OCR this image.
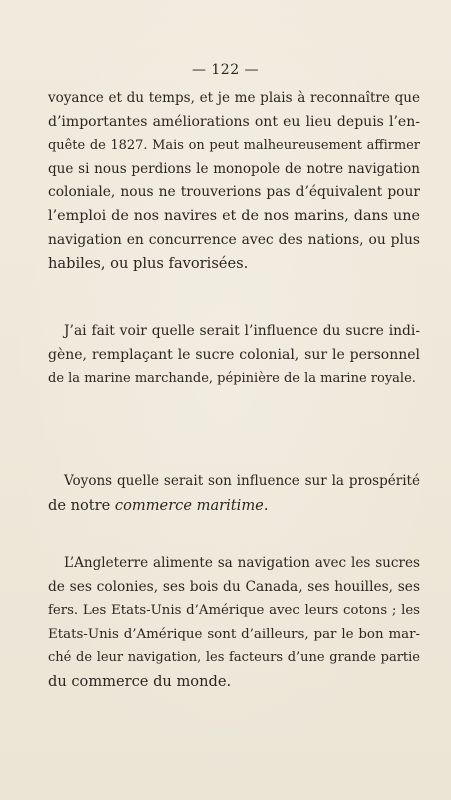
— 122 —
voyance et du temps, et je me plais à reconnaître que
d’importantes améliorations ont eu lieu depuis l’en-
quête de 1827. Mais on peut malheureusement affirmer
que si nous perdions le monopole de notre navigation
coloniale, nous ne trouverions pas d’équivalent pour
l’emploi de nos navires et de nos marins, dans une
navigation en concurrence avec des nations, ou plus
habiles, ou plus favorisées.
J’ai fait voir quelle serait l’influence du sucre indi-
gène, remplaçant le sucre colonial, sur le personnel
de la marine marchande, pépinière de la marine royale.
Voyons quelle serait son influence sur la prospérité
de notre commerce maritime.
L’Angleterre alimente sa navigation avec les sucres
de ses colonies, ses bois du Canada, ses houilles, ses
fers. Les Etats-Unis d’Amérique avec leurs cotons ; les
Etats-Unis d’Amérique sont d’ailleurs, par le bon mar-
ché de leur navigation, les facteurs d’une grande partie
du commerce du monde.
